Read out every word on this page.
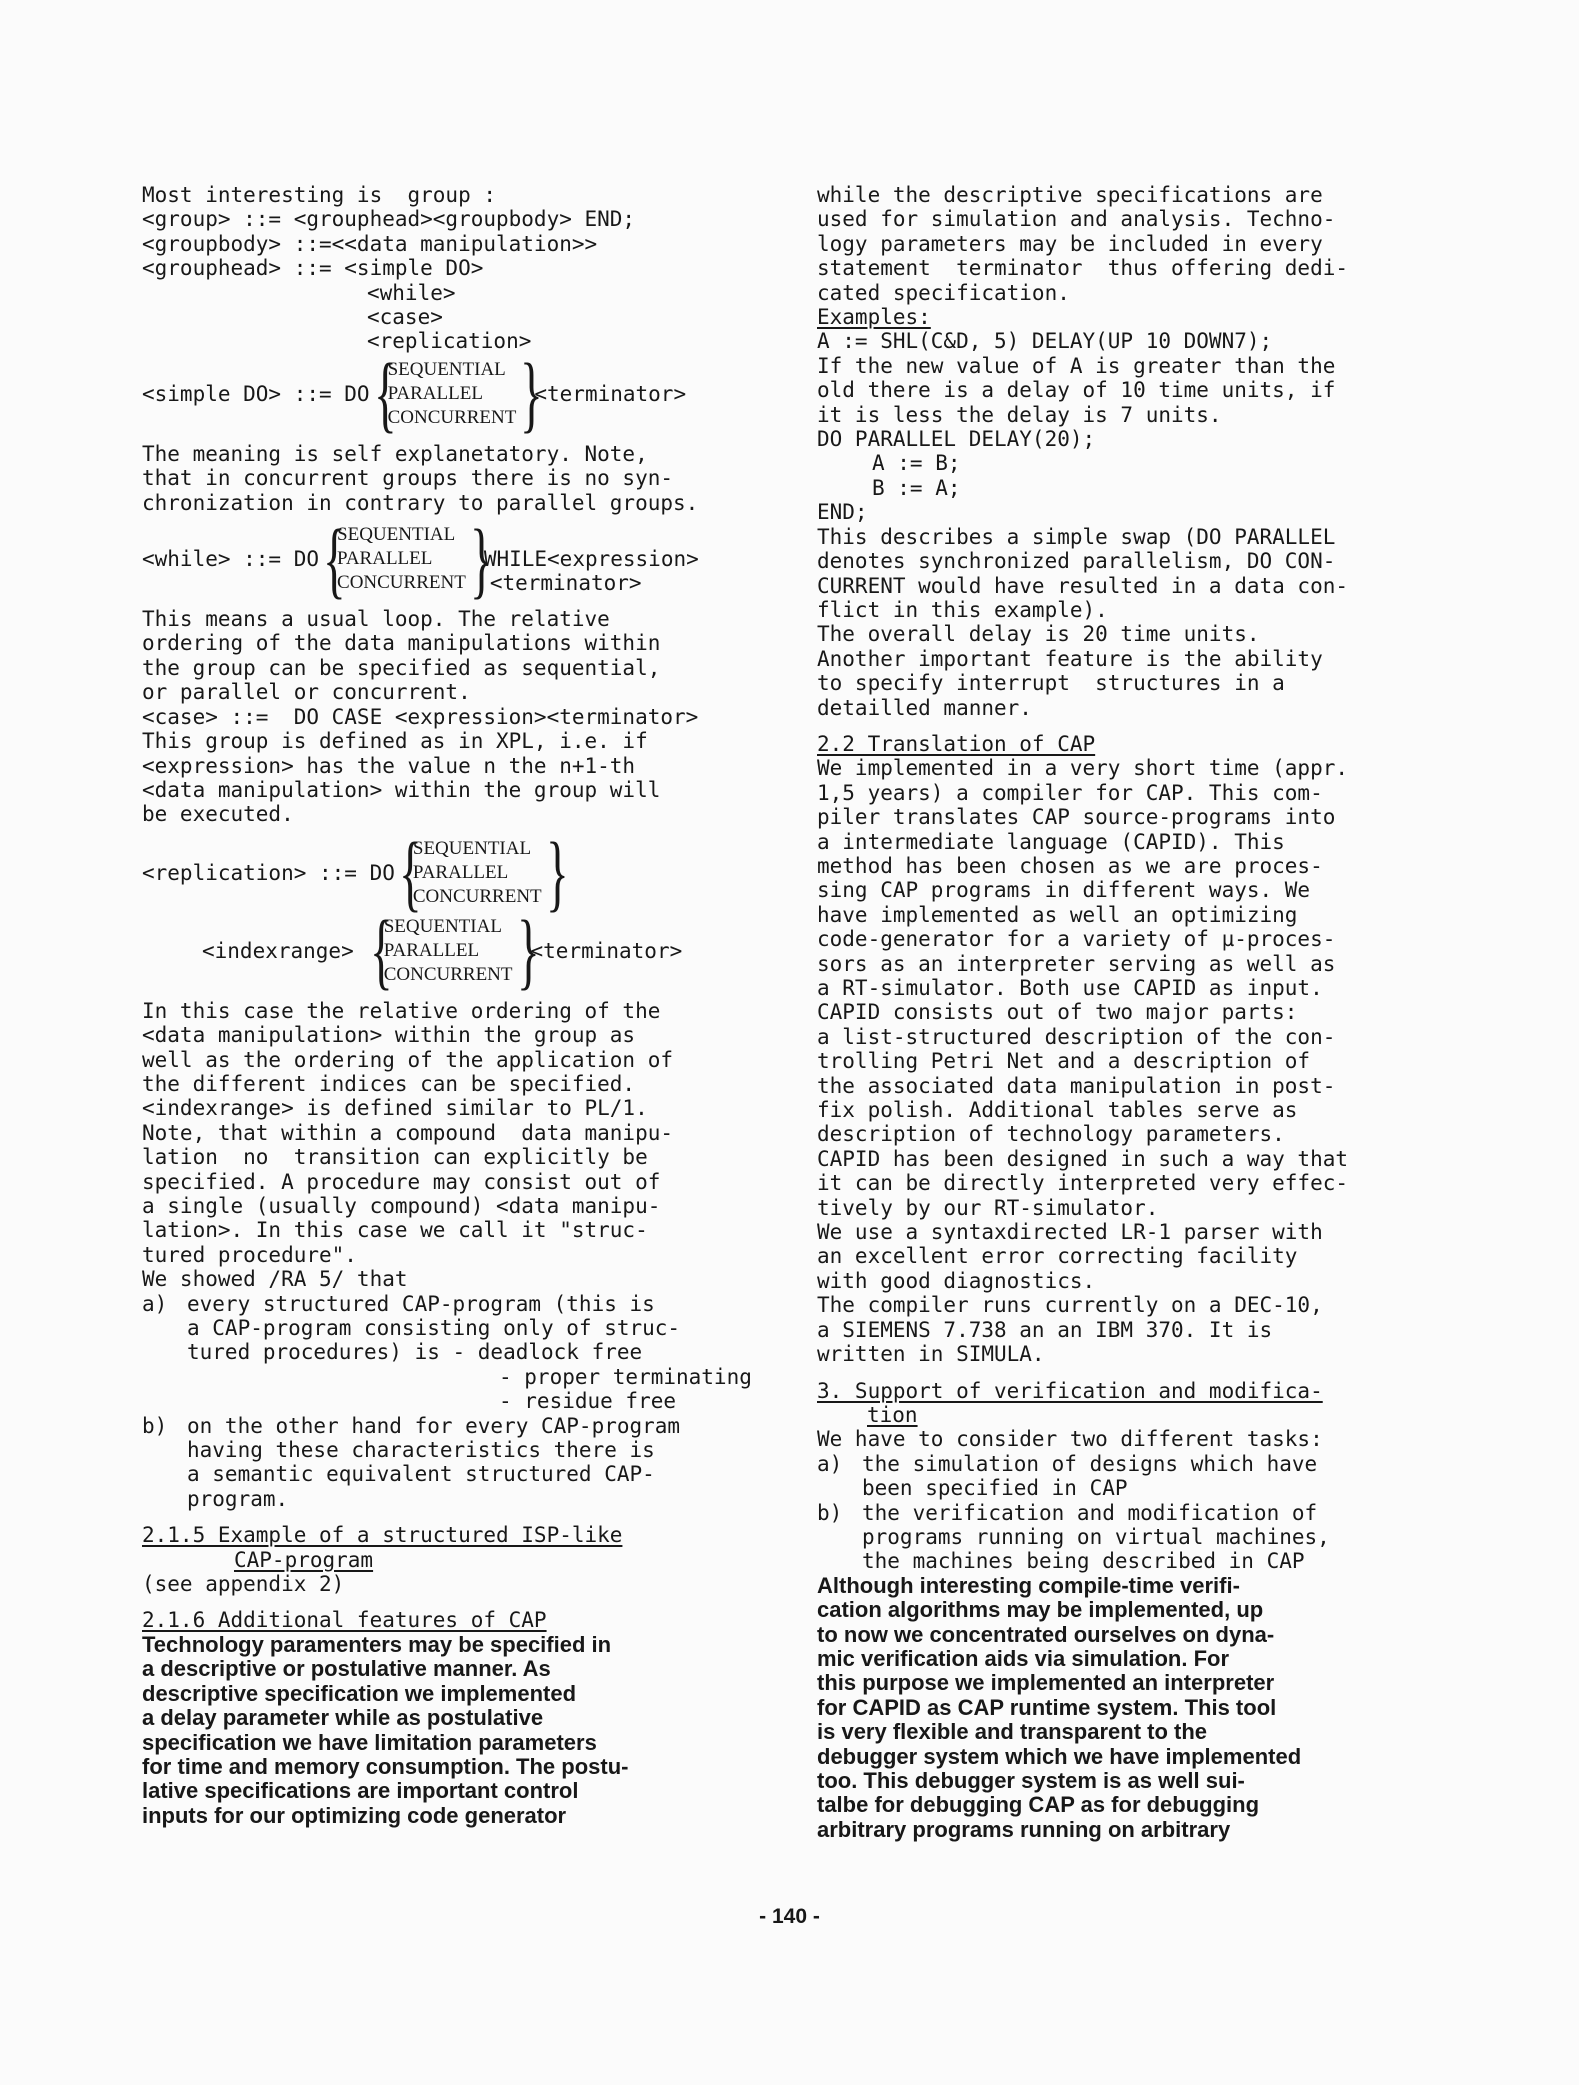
Most interesting is  group :
<group> ::= <grouphead><groupbody> END;
<groupbody> ::=<<data manipulation>>
<grouphead> ::= <simple DO>
<while>
<case>
<replication>
<simple DO> ::= DO {
SEQUENTIAL
PARALLEL
CONCURRENT }
<terminator>
The meaning is self explanetatory. Note,
that in concurrent groups there is no syn-
chronization in contrary to parallel groups.
<while> ::= DO {
SEQUENTIAL
PARALLEL
CONCURRENT }

WHILE<expression>
<terminator>
This means a usual loop. The relative
ordering of the data manipulations within
the group can be specified as sequential,
or parallel or concurrent.
<case> ::=  DO CASE <expression><terminator>
This group is defined as in XPL, i.e. if
<expression> has the value n the n+1-th
<data manipulation> within the group will
be executed.
<replication> ::= DO {
SEQUENTIAL
PARALLEL
CONCURRENT }
<indexrange> {
SEQUENTIAL
PARALLEL
CONCURRENT }
<terminator>
In this case the relative ordering of the
<data manipulation> within the group as
well as the ordering of the application of
the different indices can be specified.
<indexrange> is defined similar to PL/1.
Note, that within a compound  data manipu-
lation  no  transition can explicitly be
specified. A procedure may consist out of
a single (usually compound) <data manipu-
lation>. In this case we call it "struc-
tured procedure".
We showed /RA 5/ that
a) every structured CAP-program (this is
a CAP-program consisting only of struc-
tured procedures) is - deadlock free
- proper terminating
- residue free
b) on the other hand for every CAP-program
having these characteristics there is
a semantic equivalent structured CAP-
program.
2.1.5 Example of a structured ISP-like
CAP-program
(see appendix 2)
2.1.6 Additional features of CAP
Technology paramenters may be specified in
a descriptive or postulative manner. As
descriptive specification we implemented
a delay parameter while as postulative
specification we have limitation parameters
for time and memory consumption. The postu-
lative specifications are important control
inputs for our optimizing code generator
while the descriptive specifications are
used for simulation and analysis. Techno-
logy parameters may be included in every
statement  terminator  thus offering dedi-
cated specification.
Examples:
A := SHL(C&D, 5) DELAY(UP 10 DOWN7);
If the new value of A is greater than the
old there is a delay of 10 time units, if
it is less the delay is 7 units.
DO PARALLEL DELAY(20);
A := B;
B := A;
END;
This describes a simple swap (DO PARALLEL
denotes synchronized parallelism, DO CON-
CURRENT would have resulted in a data con-
flict in this example).
The overall delay is 20 time units.
Another important feature is the ability
to specify interrupt  structures in a
detailled manner.
2.2 Translation of CAP
We implemented in a very short time (appr.
1,5 years) a compiler for CAP. This com-
piler translates CAP source-programs into
a intermediate language (CAPID). This
method has been chosen as we are proces-
sing CAP programs in different ways. We
have implemented as well an optimizing
code-generator for a variety of µ-proces-
sors as an interpreter serving as well as
a RT-simulator. Both use CAPID as input.
CAPID consists out of two major parts:
a list-structured description of the con-
trolling Petri Net and a description of
the associated data manipulation in post-
fix polish. Additional tables serve as
description of technology parameters.
CAPID has been designed in such a way that
it can be directly interpreted very effec-
tively by our RT-simulator.
We use a syntaxdirected LR-1 parser with
an excellent error correcting facility
with good diagnostics.
The compiler runs currently on a DEC-10,
a SIEMENS 7.738 an an IBM 370. It is
written in SIMULA.
3. Support of verification and modifica-
tion
We have to consider two different tasks:
a) the simulation of designs which have
been specified in CAP
b) the verification and modification of
programs running on virtual machines,
the machines being described in CAP
Although interesting compile-time verifi-
cation algorithms may be implemented, up
to now we concentrated ourselves on dyna-
mic verification aids via simulation. For
this purpose we implemented an interpreter
for CAPID as CAP runtime system. This tool
is very flexible and transparent to the
debugger system which we have implemented
too. This debugger system is as well sui-
talbe for debugging CAP as for debugging
arbitrary programs running on arbitrary
- 140 -
